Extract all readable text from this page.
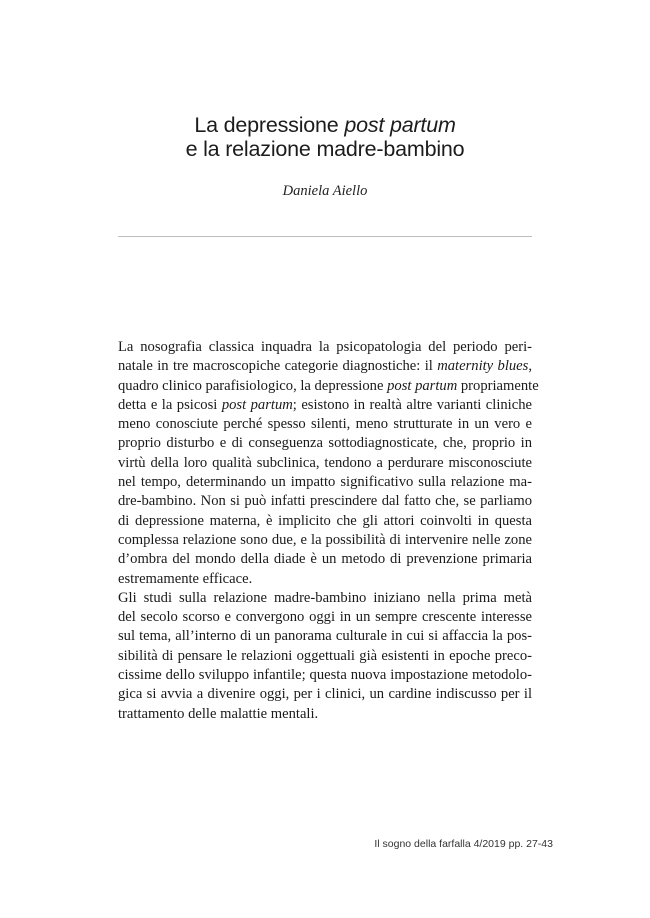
La depressione post partum
e la relazione madre-bambino
Daniela Aiello
La nosografia classica inquadra la psicopatologia del periodo peri-
natale in tre macroscopiche categorie diagnostiche: il maternity blues,
quadro clinico parafisiologico, la depressione post partum propriamente
detta e la psicosi post partum; esistono in realtà altre varianti cliniche
meno conosciute perché spesso silenti, meno strutturate in un vero e
proprio disturbo e di conseguenza sottodiagnosticate, che, proprio in
virtù della loro qualità subclinica, tendono a perdurare misconosciute
nel tempo, determinando un impatto significativo sulla relazione ma-
dre-bambino. Non si può infatti prescindere dal fatto che, se parliamo
di depressione materna, è implicito che gli attori coinvolti in questa
complessa relazione sono due, e la possibilità di intervenire nelle zone
d’ombra del mondo della diade è un metodo di prevenzione primaria
estremamente efficace.
Gli studi sulla relazione madre-bambino iniziano nella prima metà
del secolo scorso e convergono oggi in un sempre crescente interesse
sul tema, all’interno di un panorama culturale in cui si affaccia la pos-
sibilità di pensare le relazioni oggettuali già esistenti in epoche preco-
cissime dello sviluppo infantile; questa nuova impostazione metodolo-
gica si avvia a divenire oggi, per i clinici, un cardine indiscusso per il
trattamento delle malattie mentali.
Il sogno della farfalla 4/2019 pp. 27-43
